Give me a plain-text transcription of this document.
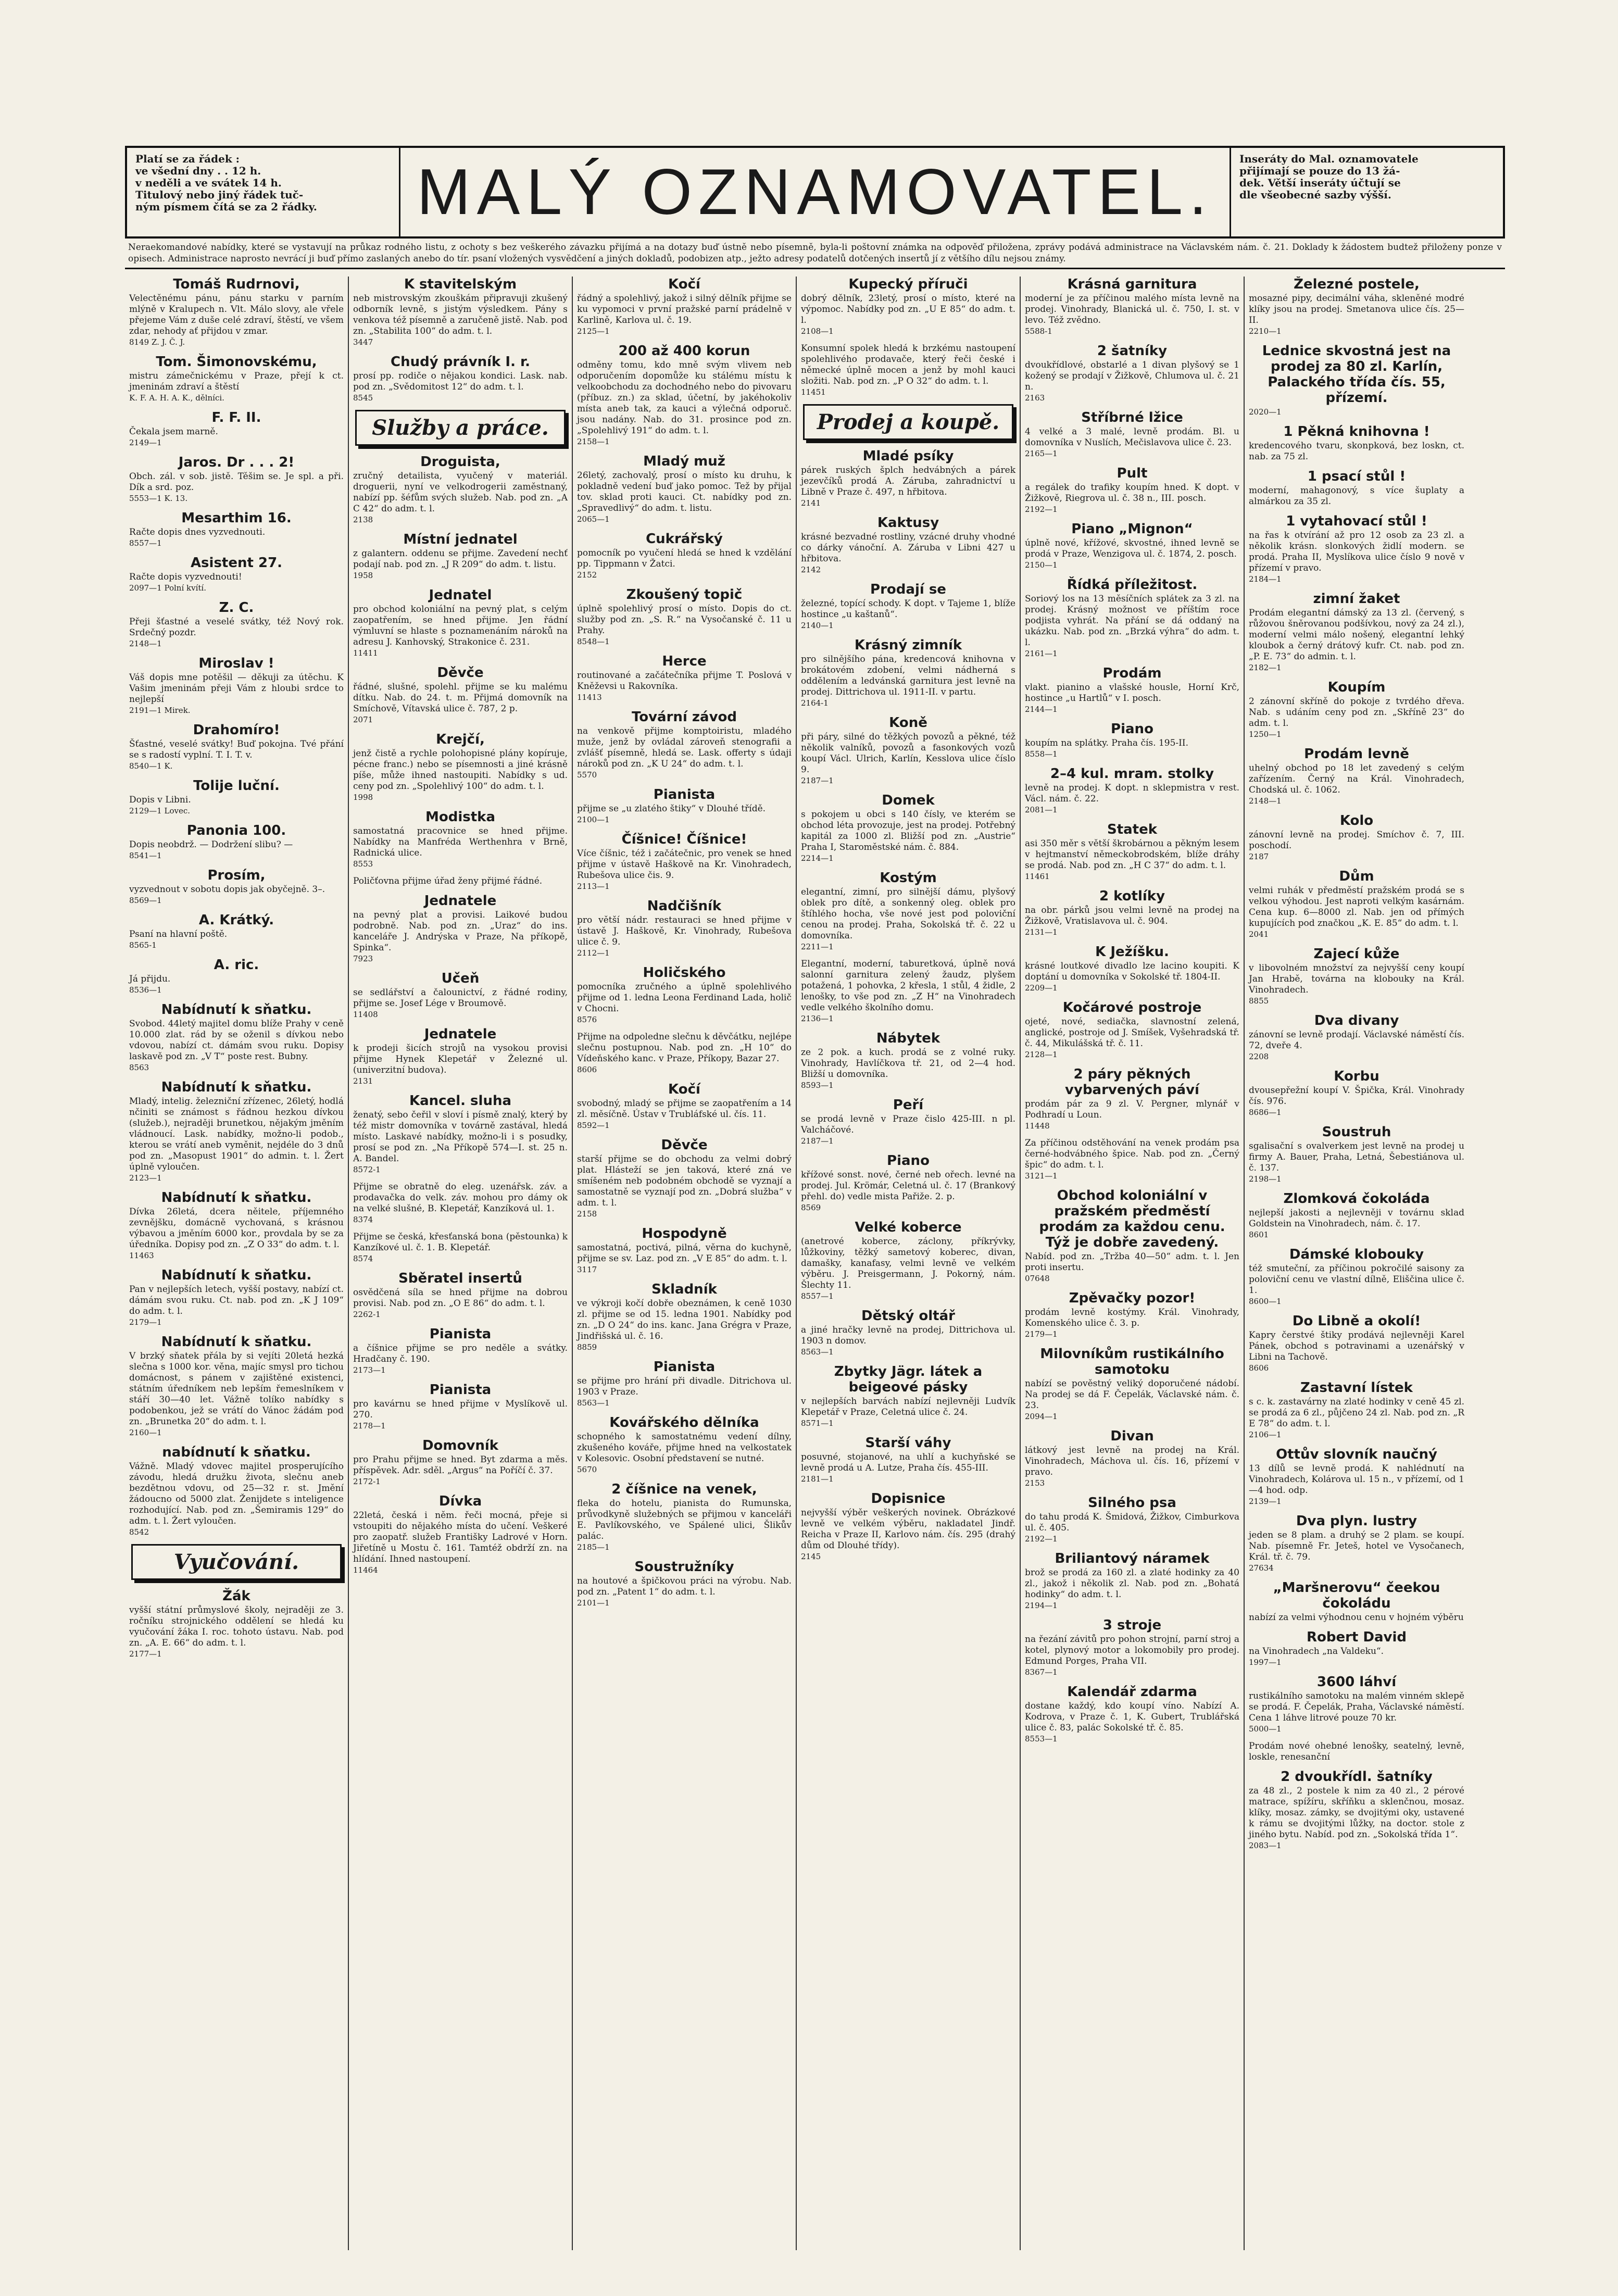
Platí se za řádek :
ve všední dny . . 12 h.
v neděli a ve svátek 14 h.
Titulový nebo jiný řádek tuč-
ným písmem čítá se za 2 řádky.	MALÝ OZNAMOVATEL.	Inseráty do Mal. oznamovatele
přijímají se pouze do 13 žá-
dek. Větší inseráty účtují se
dle všeobecné sazby výšší.
Neraekomandové nabídky, které se vystavují na průkaz rodného listu, z ochoty s bez veškerého závazku přijímá a na dotazy buď ústně nebo písemně, byla-li poštovní známka na odpověď přiložena, zprávy podává administrace na Václavském nám. č. 21. Doklady k žádostem budtež přiloženy ponze v opisech. Administrace naprosto nevrácí ji buď přímo zaslaných anebo do tír. psaní vložených vysvědčení a jiných dokladů, podobizen atp., ježto adresy podatelů dotčených insertů jí z většího dílu nejsou známy.
Tomáš Rudrnovi,

Velectěnému pánu, pánu starku v parním mlýně v Kralupech n. Vlt. Málo slovy, ale vřele přejeme Vám z duše celé zdraví, štěstí, ve všem zdar, nehody ať přijdou v zmar.

8149 Z. J. Č. J.
Tom. Šimonovskému,

mistru zámečnickému v Praze, přejí k ct. jmeninám zdraví a štěstí

K. F. A. H. A. K., dělníci.
F. F. II.

Čekala jsem marně.

2149—1
Jaros. Dr . . . 2!

Obch. zál. v sob. jistě. Těšim se. Je spl. a při. Dík a srd. poz.

5553—1 K. 13.
Mesarthim 16.

Račte dopis dnes vyzvednouti.

8557—1
Asistent 27.

Račte dopis vyzvednouti!

2097—1 Polní kvítí.
Z. C.

Přeji šťastné a veselé svátky, též Nový rok. Srdečný pozdr.

2148—1
Miroslav !

Váš dopis mne potěšil — děkuji za útěchu. K Vašim jmeninám přeji Vám z hloubi srdce to nejlepší

2191—1 Mirek.
Drahomíro!

Šťastné, veselé svátky! Buď pokojna. Tvé přání se s radostí vyplní. T. I. T. v.

8540—1 K.
Tolije luční.

Dopis v Libni.

2129—1 Lovec.
Panonia 100.

Dopis neobdrž. — Dodržení slibu? —

8541—1
Prosím,

vyzvednout v sobotu dopis jak obyčejně. 3–.

8569—1
A. Krátký.

Psaní na hlavní poště.

8565-1
A. ric.

Já přijdu.

8536—1
Nabídnutí k sňatku.

Svobod. 44letý majitel domu blíže Prahy v ceně 10.000 zlat. rád by se oženil s dívkou nebo vdovou, nabízí ct. dámám svou ruku. Dopisy laskavě pod zn. „V T“ poste rest. Bubny.

8563
Nabídnutí k sňatku.

Mladý, intelig. železniční zřízenec, 26letý, hodlá nčiniti se známost s řádnou hezkou dívkou (služeb.), nejraději brunetkou, nějakým jměním vládnoucí. Lask. nabídky, možno-li podob., kterou se vrátí aneb vyměnit, nejdéle do 3 dnů pod zn. „Masopust 1901“ do admin. t. l. Žert úplně vyloučen.

2123—1
Nabídnutí k sňatku.

Dívka 26letá, dcera něitele, příjemného zevnějšku, domácně vychovaná, s krásnou výbavou a jměním 6000 kor., provdala by se za úředníka. Dopisy pod zn. „Z O 33“ do adm. t. l.

11463
Nabídnutí k sňatku.

Pan v nejlepších letech, vyšší postavy, nabízí ct. dámám svou ruku. Ct. nab. pod zn. „K J 109“ do adm. t. l.

2179—1
Nabídnutí k sňatku.

V brzký sňatek přála by si vejíti 20letá hezká slečna s 1000 kor. věna, majíc smysl pro tichou domácnost, s pánem v zajištěné existenci, státním úředníkem neb lepším řemeslníkem v stáří 30—40 let. Vážně tolíko nabídky s podobenkou, jež se vrátí do Vánoc žádám pod zn. „Brunetka 20“ do adm. t. l.

2160—1
nabídnutí k sňatku.

Vážně. Mladý vdovec majitel prosperujícího závodu, hledá družku života, slečnu aneb bezdětnou vdovu, od 25—32 r. st. Jmění žádoucno od 5000 zlat. Ženijdete s inteligence rozhodující. Nab. pod zn. „Šemiramis 129“ do adm. t. l. Žert vyloučen.

8542
Vyučování.
Žák

vyšší státní průmyslové školy, nejraději ze 3. ročníku strojnického oddělení se hledá ku vyučování žáka I. roc. tohoto ústavu. Nab. pod zn. „A. E. 66“ do adm. t. l.

2177—1
K stavitelským

neb mistrovským zkouškám připravuji zkušený odborník levně, s jistým výsledkem. Pány s venkova též písemně a zaručeně jistě. Nab. pod zn. „Stabilita 100“ do adm. t. l.

3447
Chudý právník I. r.

prosí pp. rodiče o nějakou kondici. Lask. nab. pod zn. „Svědomitost 12“ do adm. t. l.

8545
Služby a práce.
Droguista,

zručný detailista, vyučený v materiál. droguerii, nyní ve velkodrogerii zaměstnaný, nabízí pp. šéfům svých služeb. Nab. pod zn. „A C 42“ do adm. t. l.

2138
Místní jednatel

z galantern. oddenu se přijme. Zavedení nechť podají nab. pod zn. „J R 209“ do adm. t. listu.

1958
Jednatel

pro obchod koloniální na pevný plat, s celým zaopatřením, se hned přijme. Jen řádní výmluvní se hlaste s poznamenáním nároků na adresu J. Kanhovský, Strakonice č. 231.

11411
Děvče

řádné, slušné, spolehl. přijme se ku malému dítku. Nab. do 24. t. m. Přijmá domovník na Smíchově, Vítavská ulice č. 787, 2 p.

2071
Krejčí,

jenž čistě a rychle polohopisné plány kopíruje, pécne franc.) nebo se písemnosti a jiné krásně píše, může ihned nastoupiti. Nabídky s ud. ceny pod zn. „Spolehlivý 100“ do adm. t. l.

1998
Modistka

samostatná pracovnice se hned přijme. Nabídky na Manfréda Werthenhra v Brně, Radnická ulice.

8553

Poličťovna přijme úřad ženy přijmé řádné.

Jednatele

na pevný plat a provisi. Laikové budou podrobně. Nab. pod zn. „Uraz“ do ins. kanceláře J. Andrýska v Praze, Na příkopě, Spinka“.

7923
Učeň

se sedlářství a čalounictví, z řádné rodiny, přijme se. Josef Lége v Broumově.

11408
Jednatele

k prodeji šicích strojů na vysokou provisi přijme Hynek Klepetář v Železné ul. (univerzitní budova).

2131
Kancel. sluha

ženatý, sebo čeřil v sloví i písmě znalý, který by též mistr domovníka v továrně zastával, hledá místo. Laskavé nabídky, možno-li i s posudky, prosí se pod zn. „Na Příkopě 574—I. st. 25 n. A. Bandel.

8572-1

Přijme se obratně do eleg. uzenářsk. záv. a prodavačka do velk. záv. mohou pro dámy ok na velké slušné, B. Klepetář, Kanzíková ul. 1.

8374

Přijme se česká, křesťanská bona (pěstounka) k Kanzíkové ul. č. 1. B. Klepetář.

8574
Sběratel insertů

osvědčená síla se hned přijme na dobrou provisi. Nab. pod zn. „O E 86“ do adm. t. l.

2262-1
Pianista

a číšnice přijme se pro neděle a svátky. Hradčany č. 190.

2173—1
Pianista

pro kavárnu se hned přijme v Myslíkově ul. 270.

2178—1
Domovník

pro Prahu přijme se hned. Byt zdarma a měs. příspěvek. Adr. sděl. „Argus“ na Poříčí č. 37.

2172-1
Dívka

22letá, česká i něm. řeči mocná, přeje si vstoupiti do nějakého místa do učení. Veškeré pro zaopatř. služeb Františky Ladrové v Horn. Jiřetíně u Mostu č. 161. Tamtéž obdrží zn. na hlídání. Ihned nastoupení.

11464
Kočí

řádný a spolehlivý, jakož i silný dělník přijme se ku vypomoci v první pražské parní prádelně v Karlině, Karlova ul. č. 19.

2125—1
200 až 400 korun

odměny tomu, kdo mně svým vlivem neb odporučením dopomůže ku stálému místu k velkoobchodu za dochodného nebo do pivovaru (příbuz. zn.) za sklad, účetní, by jakéhokoliv místa aneb tak, za kauci a výlečná odporuč. jsou nadány. Nab. do 31. prosince pod zn. „Spolehlivý 191“ do adm. t. l.

2158—1
Mladý muž

26letý, zachovalý, prosí o místo ku druhu, k pokladně vedení buď jako pomoc. Tež by přijal tov. sklad proti kauci. Ct. nabídky pod zn. „Spravedlivý“ do adm. t. listu.

2065—1
Cukrářský

pomocník po vyučení hledá se hned k vzdělání pp. Tippmann v Žatci.

2152
Zkoušený topič

úplně spolehlivý prosí o místo. Dopis do ct. služby pod zn. „S. R.“ na Vysočanské č. 11 u Prahy.

8548—1
Herce

routinované a začátečníka přijme T. Poslová v Kněževsi u Rakovníka.

11413
Tovární závod

na venkově přijme komptoiristu, mladého muže, jenž by ovládal zároveň stenografii a zvlášť písemně, hledá se. Lask. offerty s údaji nároků pod zn. „K U 24“ do adm. t. l.

5570
Pianista

přijme se „u zlatého štiky“ v Dlouhé třídě.

2100—1
Číšnice! Číšnice!

Více číšnic, též i začátečnic, pro venek se hned přijme v ústavě Haškově na Kr. Vinohradech, Rubešova ulice čis. 9.

2113—1
Nadčišník

pro větší nádr. restauraci se hned přijme v ústavě J. Haškově, Kr. Vinohrady, Rubešova ulice č. 9.

2112—1
Holičského

pomocníka zručného a úplně spolehlivého přijme od 1. ledna Leona Ferdinand Lada, holič v Chocni.

8576

Přijme na odpoledne slečnu k děvčátku, nejlépe slečnu postupnou. Nab. pod zn. „H 10“ do Vídeňského kanc. v Praze, Příkopy, Bazar 27.

8606
Kočí

svobodný, mladý se přijme se zaopatřením a 14 zl. měsíčně. Ústav v Trubláfské ul. čís. 11.

8592—1
Děvče

starší přijme se do obchodu za velmi dobrý plat. Hlásteží se jen taková, které zná ve smíšeném neb podobném obchodě se vyznají a samostatně se vyznají pod zn. „Dobrá služba“ v adm. t. l.

2158
Hospodyně

samostatná, poctivá, pilná, věrna do kuchyně, přijme se sv. Laz. pod zn. „V E 85“ do adm. t. l.

3117
Skladník

ve výkroji kočí dobře obeznámen, k ceně 1030 zl. přijme se od 15. ledna 1901. Nabídky pod zn. „D O 24“ do ins. kanc. Jana Grégra v Praze, Jindřišská ul. č. 16.

8859
Pianista

se přijme pro hrání při divadle. Ditrichova ul. 1903 v Praze.

8563—1
Kovářského dělníka

schopného k samostatnému vedení dílny, zkušeného kováře, přijme hned na velkostatek v Kolesovic. Osobní představení se nutné.

5670
2 číšnice na venek,

fleka do hotelu, pianista do Rumunska, průvodkyně služebných se přijmou v kanceláři E. Pavlíkovského, ve Spálené ulici, Šlikův palác.

2185—1
Soustružníky

na houtové a špičkovou práci na výrobu. Nab. pod zn. „Patent 1“ do adm. t. l.

2101—1
Kupecký příruči

dobrý dělník, 23letý, prosí o místo, které na výpomoc. Nabídky pod zn. „U E 85“ do adm. t. l.

2108—1

Konsumní spolek hledá k brzkému nastoupení spolehlivého prodavače, který řeči české i německé úplně mocen a jenž by mohl kauci složiti. Nab. pod zn. „P O 32“ do adm. t. l.

11451
Prodej a koupě.
Mladé psíky

párek ruských šplch hedvábných a párek jezevčíků prodá A. Záruba, zahradnictví u Libně v Praze č. 497, n hřbitova.

2141
Kaktusy

krásné bezvadné rostliny, vzácné druhy vhodné co dárky vánoční. A. Záruba v Libni 427 u hřbitova.

2142
Prodají se

železné, topící schody. K dopt. v Tajeme 1, blíže hostince „u kaštanů“.

2140—1
Krásný zimník

pro silnějšího pána, kredencová knihovna v brokátovém zdobení, velmi nádherná s oddělením a ledvánská garnitura jest levně na prodej. Dittrichova ul. 1911-II. v partu.

2164-1
Koně

při páry, silné do těžkých povozů a pěkné, též několik valníků, povozů a fasonkových vozů koupí Václ. Ulrich, Karlín, Kesslova ulice číslo 9.

2187—1
Domek

s pokojem u obci s 140 čísly, ve kterém se obchod léta provozuje, jest na prodej. Potřebný kapitál za 1000 zl. Bližší pod zn. „Austrie“ Praha I, Staroměstské nám. č. 884.

2214—1
Kostým

elegantní, zimní, pro silnější dámu, plyšový oblek pro dítě, a sonkenný oleg. oblek pro štíhlého hocha, vše nové jest pod poloviční cenou na prodej. Praha, Sokolská tř. č. 22 u domovníka.

2211—1

Elegantní, moderní, taburetková, úplně nová salonní garnitura zelený žaudz, plyšem potažená, 1 pohovka, 2 křesla, 1 stůl, 4 židle, 2 lenošky, to vše pod zn. „Z H“ na Vinohradech vedle velkého školního domu.

2136—1
Nábytek

ze 2 pok. a kuch. prodá se z volné ruky. Vinohrady, Havlíčkova tř. 21, od 2—4 hod. Bližší u domovníka.

8593—1
Peří

se prodá levně v Praze čislo 425-III. n pl. Valcháčové.

2187—1
Piano

křížové sonst. nové, černé neb ořech. levné na prodej. Jul. Krömár, Celetná ul. č. 17 (Brankový přehl. do) vedle mista Pařiže. 2. p.

8569
Velké koberce

(anetrové koberce, záclony, příkrývky, lůžkoviny, těžký sametový koberec, divan, damašky, kanafasy, velmi levně ve velkém výběru. J. Preisgermann, J. Pokorný, nám. Šlechty 11.

8557—1
Dětský oltář

a jiné hračky levně na prodej, Dittrichova ul. 1903 n domov.

8563—1
Zbytky Jägr. látek a beigeové pásky

v nejlepších barvách nabízí nejlevněji Ludvík Klepetář v Praze, Celetná ulice č. 24.

8571—1
Starší váhy

posuvné, stojanové, na uhlí a kuchyňské se levně prodá u A. Lutze, Praha čís. 455-III.

2181—1
Dopisnice

nejvyšší výběr veškerých novinek. Obrázkové levně ve velkém výběru, nakladatel Jindř. Reicha v Praze II, Karlovo nám. čís. 295 (drahý dům od Dlouhé třídy).

2145
Krásná garnitura

moderní je za příčinou malého místa levně na prodej. Vinohrady, Blanická ul. č. 750, I. st. v levo. Též zvědno.

5588-1
2 šatníky

dvoukřídlové, obstarlé a 1 divan plyšový se 1 kožený se prodají v Žižkově, Chlumova ul. č. 21 n.

2163
Stříbrné lžice

4 velké a 3 malé, levně prodám. Bl. u domovníka v Nuslích, Mečislavova ulice č. 23.

2165—1
Pult

a regálek do trafiky koupím hned. K dopt. v Žižkově, Riegrova ul. č. 38 n., III. posch.

2192—1
Piano „Mignon“

úplně nové, křížové, skvostné, ihned levně se prodá v Praze, Wenzigova ul. č. 1874, 2. posch.

2150—1
Řídká příležitost.

Soriový los na 13 měsíčních splátek za 3 zl. na prodej. Krásný možnost ve příštím roce podjista vyhrát. Na přání se dá oddaný na ukázku. Nab. pod zn. „Brzká výhra“ do adm. t. l.

2161—1
Prodám

vlakt. pianino a vlašské housle, Horní Krč, hostince „u Hartlů“ v I. posch.

2144—1
Piano

koupím na splátky. Praha čís. 195-II.

8558—1
2–4 kul. mram. stolky

levně na prodej. K dopt. n sklepmistra v rest. Václ. nám. č. 22.

2081—1
Statek

asi 350 měr s větší škrobárnou a pěkným lesem v hejtmanství německobrodském, blíže dráhy se prodá. Nab. pod zn. „H C 37“ do adm. t. l.

11461
2 kotlíky

na obr. párků jsou velmi levně na prodej na Žižkově, Vratislavova ul. č. 904.

2131—1
K Ježíšku.

krásné loutkové divadlo lze lacino koupiti. K doptání u domovníka v Sokolské tř. 1804-II.

2209—1
Kočárové postroje

ojeté, nové, sediačka, slavnostní zelená, anglické, postroje od J. Smíšek, Vyšehradská tř. č. 44, Mikulášská tř. č. 11.

2128—1
2 páry pěkných vybarvených páví

prodám pár za 9 zl. V. Pergner, mlynář v Podhradí u Loun.

11448

Za příčinou odstěhování na venek prodám psa černé-hodvábného špice. Nab. pod zn. „Černý špic“ do adm. t. l.

3121—1
Obchod koloniální v pražském předměstí prodám za každou cenu. Týž je dobře zavedený.

Nabíd. pod zn. „Tržba 40—50“ adm. t. l. Jen proti insertu.

07648
Zpěvačky pozor!

prodám levně kostýmy. Král. Vinohrady, Komenského ulice č. 3. p.

2179—1
Milovníkům rustikálního samotoku

nabízí se pověstný veliký doporučené nádobí. Na prodej se dá F. Čepelák, Václavské nám. č. 23.

2094—1
Divan

látkový jest levně na prodej na Král. Vinohradech, Máchova ul. čís. 16, přízemí v pravo.

2153
Silného psa

do tahu prodá K. Šmidová, Žižkov, Cimburkova ul. č. 405.

2192—1
Briliantový náramek

brož se prodá za 160 zl. a zlaté hodinky za 40 zl., jakož i několik zl. Nab. pod zn. „Bohatá hodinky“ do adm. t. l.

2194—1
3 stroje

na řezání závitů pro pohon strojní, parní stroj a kotel, plynový motor a lokomobily pro prodej. Edmund Porges, Praha VII.

8367—1
Kalendář zdarma

dostane každý, kdo koupí víno. Nabízí A. Kodrova, v Praze č. 1, K. Gubert, Trublářská ulice č. 83, palác Sokolské tř. č. 85.

8553—1
Železné postele,

mosazné pipy, decimální váha, skleněné modré klíky jsou na prodej. Smetanova ulice čís. 25—II.

2210—1
Lednice skvostná jest na prodej za 80 zl. Karlín, Palackého třída čís. 55, přízemí.
2020—1
1 Pěkná knihovna !

kredencového tvaru, skonpková, bez loskn, ct. nab. za 75 zl.

1 psací stůl !

moderní, mahagonový, s více šuplaty a almárkou za 35 zl.

1 vytahovací stůl !

na řas k otvírání až pro 12 osob za 23 zl. a několik krásn. slonkových židlí modern. se prodá. Praha II, Myslíkova ulice číslo 9 nově v přízemí v pravo.

2184—1
zimní žaket

Prodám elegantní dámský za 13 zl. (červený, s růžovou šněrovanou podšívkou, nový za 24 zl.), moderní velmi málo nošený, elegantní lehký kloubok a černý drátový kufr. Ct. nab. pod zn. „P. E. 73“ do admin. t. l.

2182—1
Koupím

2 zánovní skříně do pokoje z tvrdého dřeva. Nab. s udáním ceny pod zn. „Skříně 23“ do adm. t. l.

1250—1
Prodám levně

uhelný obchod po 18 let zavedený s celým zařízením. Černý na Král. Vinohradech, Chodská ul. č. 1062.

2148—1
Kolo

zánovní levně na prodej. Smíchov č. 7, III. poschodí.

2187
Dům

velmi ruhák v předměstí pražském prodá se s velkou výhodou. Jest naproti velkým kasárnám. Cena kup. 6—8000 zl. Nab. jen od přímých kupujících pod značkou „K. E. 85“ do adm. t. l.

2041
Zajecí kůže

v libovolném množství za nejvyšší ceny koupí Jan Hrabě, továrna na klobouky na Král. Vinohradech.

8855
Dva divany

zánovní se levně prodají. Václavské náměstí čís. 72, dveře 4.

2208
Korbu

dvousepřežní koupí V. Špička, Král. Vinohrady čís. 976.

8686—1
Soustruh

sgalisační s ovalverkem jest levně na prodej u firmy A. Bauer, Praha, Letná, Šebestiánova ul. č. 137.

2198—1
Zlomková čokoláda

nejlepší jakosti a nejlevněji v továrnu sklad Goldstein na Vinohradech, nám. č. 17.

8601
Dámské klobouky

též smuteční, za příčinou pokročilé saisony za poloviční cenu ve vlastní dílně, Eliščina ulice č. 1.

8600—1
Do Libně a okolí!

Kapry čerstvé štiky prodává nejlevněji Karel Pánek, obchod s potravinami a uzenářský v Libni na Tachově.

8606
Zastavní lístek

s c. k. zastavárny na zlaté hodinky v ceně 45 zl. se prodá za 6 zl., půjčeno 24 zl. Nab. pod zn. „R E 78“ do adm. t. l.

2106—1
Ottův slovník naučný

13 dílů se levně prodá. K nahlédnutí na Vinohradech, Kolárova ul. 15 n., v přízemí, od 1—4 hod. odp.

2139—1
Dva plyn. lustry

jeden se 8 plam. a druhý se 2 plam. se koupí. Nab. písemně Fr. Jeteš, hotel ve Vysočanech, Král. tř. č. 79.

27634
„Maršnerovu“ čeekou čokoládu

nabízí za velmi výhodnou cenu v hojném výběru

Robert David

na Vinohradech „na Valdeku“.

1997—1
3600 láhví

rustikálního samotoku na malém vinném sklepě se prodá. F. Čepelák, Praha, Václavské náměstí. Cena 1 láhve litrové pouze 70 kr.

5000—1

Prodám nové ohebné lenošky, seatelný, levně, loskle, renesanční

2 dvoukřídl. šatníky

za 48 zl., 2 postele k nim za 40 zl., 2 pérové matrace, spížíru, skříňku a sklenčnou, mosaz. klíky, mosaz. zámky, se dvojitými oky, ustavené k rámu se dvojitými lůžky, na doctor. stole z jiného bytu. Nabíd. pod zn. „Sokolská třída 1“.

2083—1
